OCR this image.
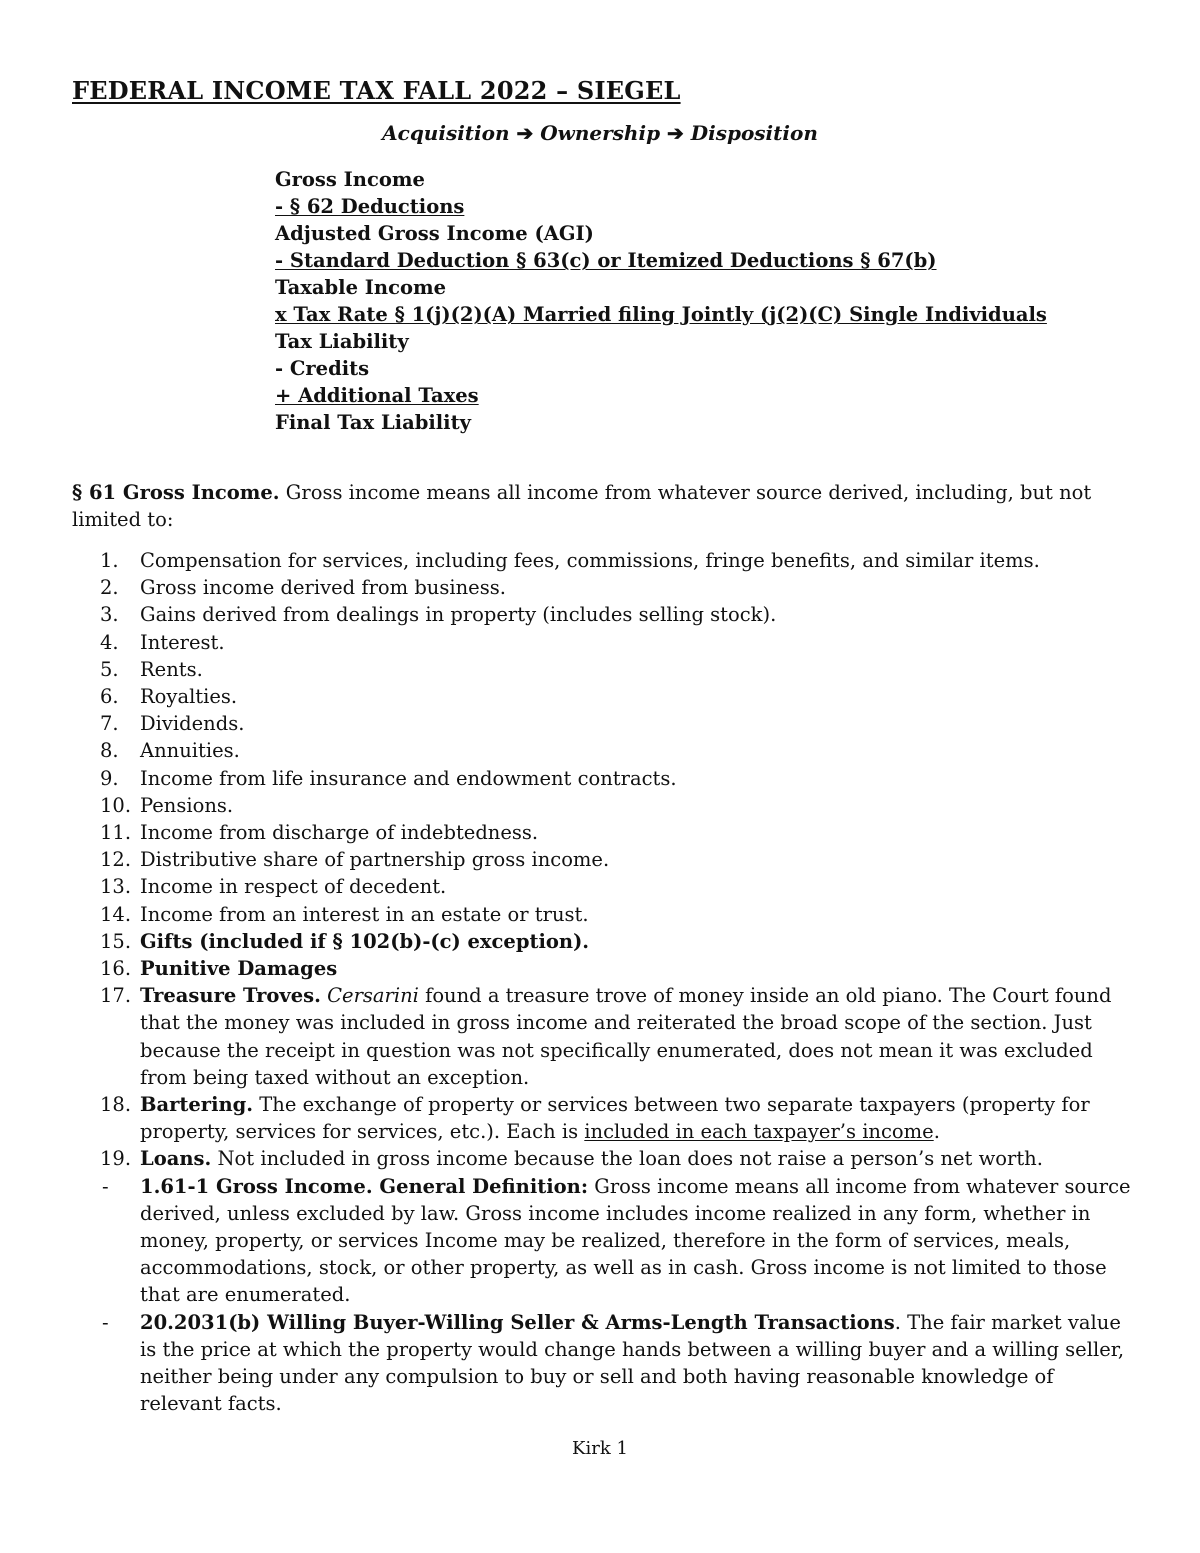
FEDERAL INCOME TAX FALL 2022 – SIEGEL
Acquisition ➔ Ownership ➔ Disposition
Gross Income
- § 62 Deductions
Adjusted Gross Income (AGI)
- Standard Deduction § 63(c) or Itemized Deductions § 67(b)
Taxable Income
x Tax Rate § 1(j)(2)(A) Married filing Jointly (j(2)(C) Single Individuals
Tax Liability
- Credits
+ Additional Taxes
Final Tax Liability
§ 61 Gross Income. Gross income means all income from whatever source derived, including, but not limited to:
1.	Compensation for services, including fees, commissions, fringe benefits, and similar items.
2.	Gross income derived from business.
3.	Gains derived from dealings in property (includes selling stock).
4.	Interest.
5.	Rents.
6.	Royalties.
7.	Dividends.
8.	Annuities.
9.	Income from life insurance and endowment contracts.
10. Pensions.
11. Income from discharge of indebtedness.
12. Distributive share of partnership gross income.
13. Income in respect of decedent.
14. Income from an interest in an estate or trust.
15. Gifts (included if § 102(b)-(c) exception).
16. Punitive Damages
17. Treasure Troves. Cersarini found a treasure trove of money inside an old piano. The Court found that the money was included in gross income and reiterated the broad scope of the section. Just because the receipt in question was not specifically enumerated, does not mean it was excluded from being taxed without an exception.
18. Bartering. The exchange of property or services between two separate taxpayers (property for property, services for services, etc.). Each is included in each taxpayer’s income.
19. Loans. Not included in gross income because the loan does not raise a person’s net worth.
-	1.61-1 Gross Income. General Definition: Gross income means all income from whatever source derived, unless excluded by law. Gross income includes income realized in any form, whether in money, property, or services Income may be realized, therefore in the form of services, meals, accommodations, stock, or other property, as well as in cash. Gross income is not limited to those that are enumerated.
-	20.2031(b) Willing Buyer-Willing Seller & Arms-Length Transactions. The fair market value is the price at which the property would change hands between a willing buyer and a willing seller, neither being under any compulsion to buy or sell and both having reasonable knowledge of relevant facts.
Kirk 1
